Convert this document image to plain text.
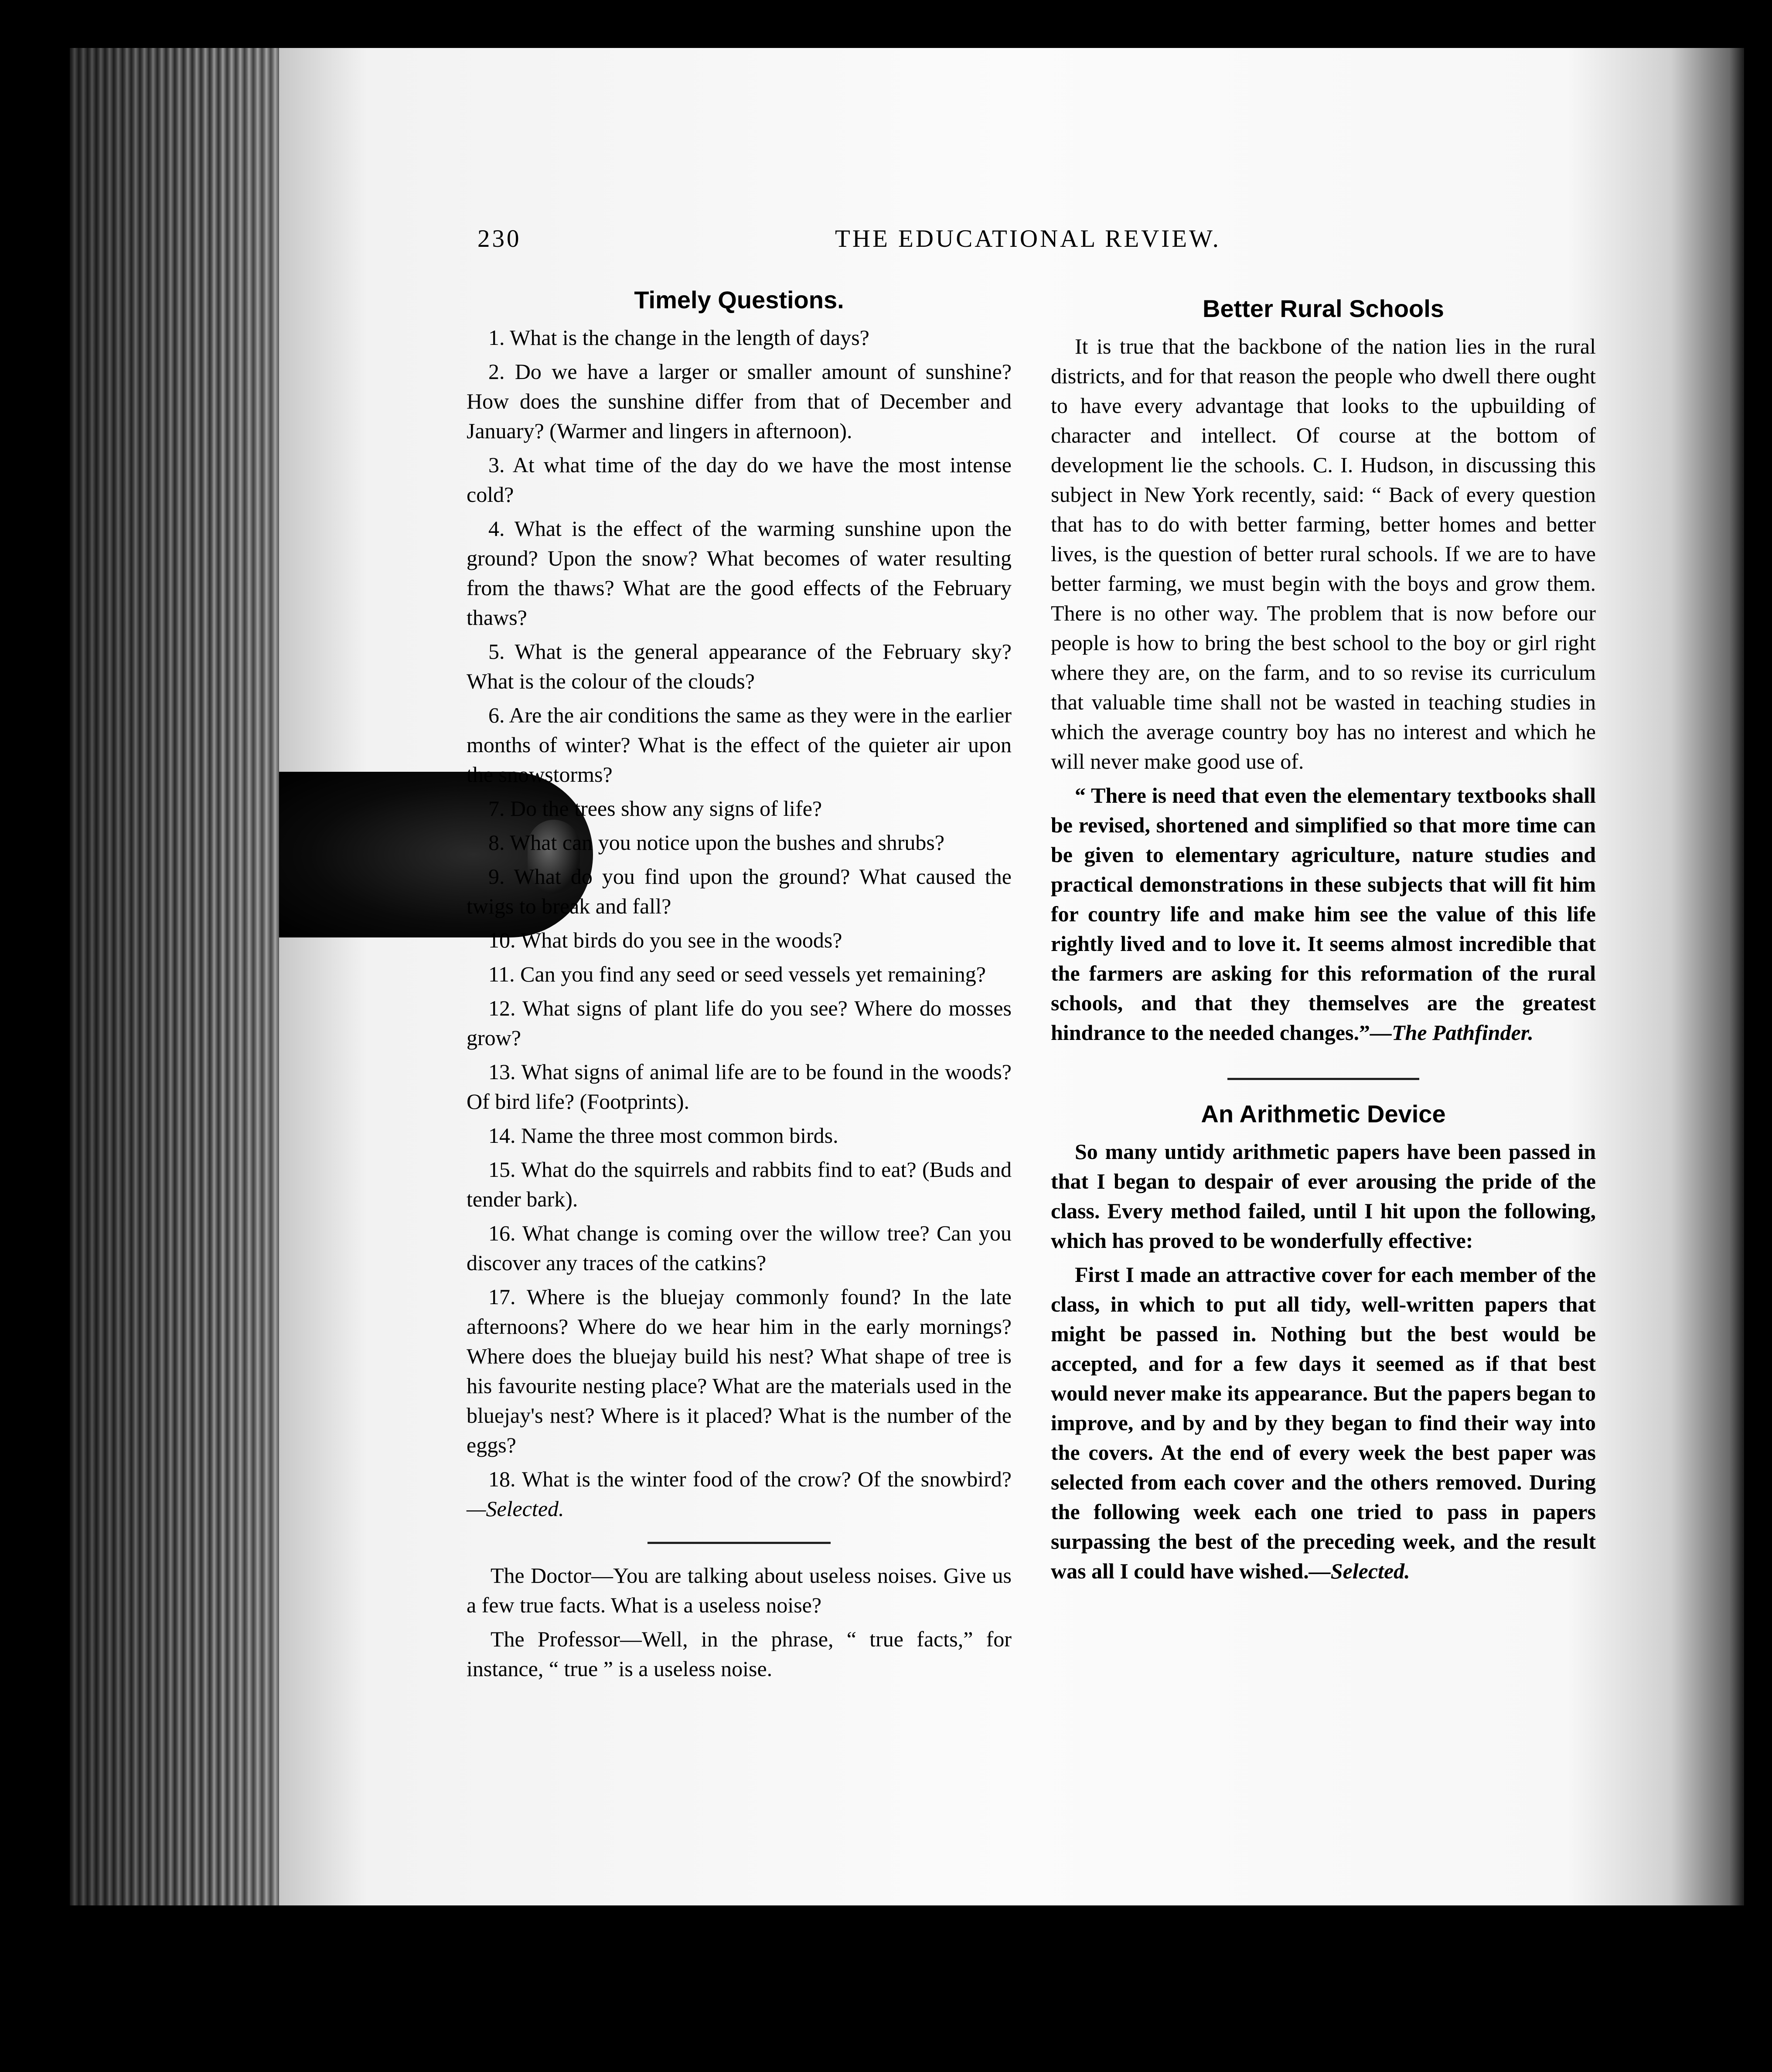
230	THE EDUCATIONAL REVIEW.
Timely Questions.

1. What is the change in the length of days?

2. Do we have a larger or smaller amount of sunshine? How does the sunshine differ from that of December and January? (Warmer and lingers in afternoon).

3. At what time of the day do we have the most intense cold?

4. What is the effect of the warming sunshine upon the ground? Upon the snow? What becomes of water resulting from the thaws? What are the good effects of the February thaws?

5. What is the general appearance of the February sky? What is the colour of the clouds?

6. Are the air conditions the same as they were in the earlier months of winter? What is the effect of the quieter air upon the snowstorms?

7. Do the trees show any signs of life?

8. What can you notice upon the bushes and shrubs?

9. What do you find upon the ground? What caused the twigs to break and fall?

10. What birds do you see in the woods?

11. Can you find any seed or seed vessels yet remaining?

12. What signs of plant life do you see? Where do mosses grow?

13. What signs of animal life are to be found in the woods? Of bird life? (Footprints).

14. Name the three most common birds.

15. What do the squirrels and rabbits find to eat? (Buds and tender bark).

16. What change is coming over the willow tree? Can you discover any traces of the catkins?

17. Where is the bluejay commonly found? In the late afternoons? Where do we hear him in the early mornings? Where does the bluejay build his nest? What shape of tree is his favourite nesting place? What are the materials used in the bluejay's nest? Where is it placed? What is the number of the eggs?

18. What is the winter food of the crow? Of the snowbird?—Selected.

The Doctor—You are talking about useless noises. Give us a few true facts. What is a useless noise?

The Professor—Well, in the phrase, “ true facts,” for instance, “ true ” is a useless noise.

Better Rural Schools

It is true that the backbone of the nation lies in the rural districts, and for that reason the people who dwell there ought to have every advantage that looks to the upbuilding of character and intellect. Of course at the bottom of development lie the schools. C. I. Hudson, in discussing this subject in New York recently, said: “ Back of every question that has to do with better farming, better homes and better lives, is the question of better rural schools. If we are to have better farming, we must begin with the boys and grow them. There is no other way. The problem that is now before our people is how to bring the best school to the boy or girl right where they are, on the farm, and to so revise its curriculum that valuable time shall not be wasted in teaching studies in which the average country boy has no interest and which he will never make good use of.

“ There is need that even the elementary textbooks shall be revised, shortened and simplified so that more time can be given to elementary agriculture, nature studies and practical demonstrations in these subjects that will fit him for country life and make him see the value of this life rightly lived and to love it. It seems almost incredible that the farmers are asking for this reformation of the rural schools, and that they themselves are the greatest hindrance to the needed changes.”—The Pathfinder.

An Arithmetic Device

So many untidy arithmetic papers have been passed in that I began to despair of ever arousing the pride of the class. Every method failed, until I hit upon the following, which has proved to be wonderfully effective:

First I made an attractive cover for each member of the class, in which to put all tidy, well-written papers that might be passed in. Nothing but the best would be accepted, and for a few days it seemed as if that best would never make its appearance. But the papers began to improve, and by and by they began to find their way into the covers. At the end of every week the best paper was selected from each cover and the others removed. During the following week each one tried to pass in papers surpassing the best of the preceding week, and the result was all I could have wished.—Selected.
